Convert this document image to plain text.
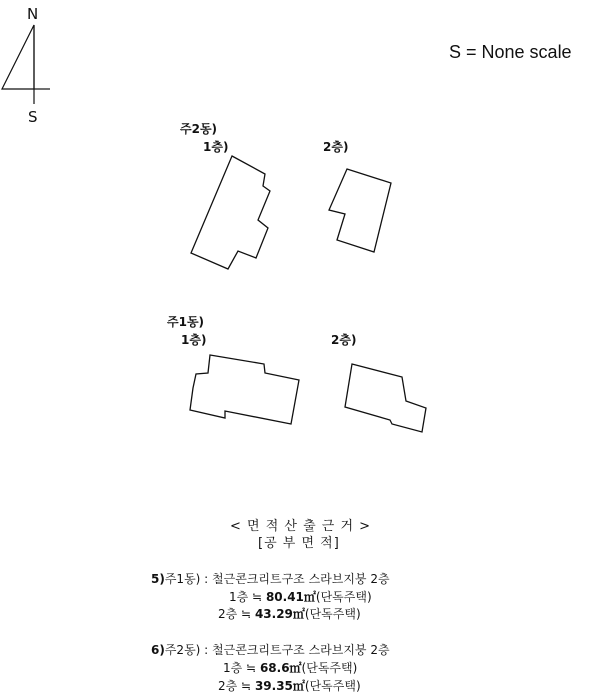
N
S
S = None scale
주2동)
1층)	2층)
주1동)
1층)	2층)
< 면 적 산 출 근 거 >
[공 부 면 적]
5)주1동) : 철근콘크리트구조 스라브지붕 2층
1층 ≒ 80.41㎡(단독주택)
2층 ≒ 43.29㎡(단독주택)
6)주2동) : 철근콘크리트구조 스라브지붕 2층
1층 ≒ 68.6㎡(단독주택)
2층 ≒ 39.35㎡(단독주택)
